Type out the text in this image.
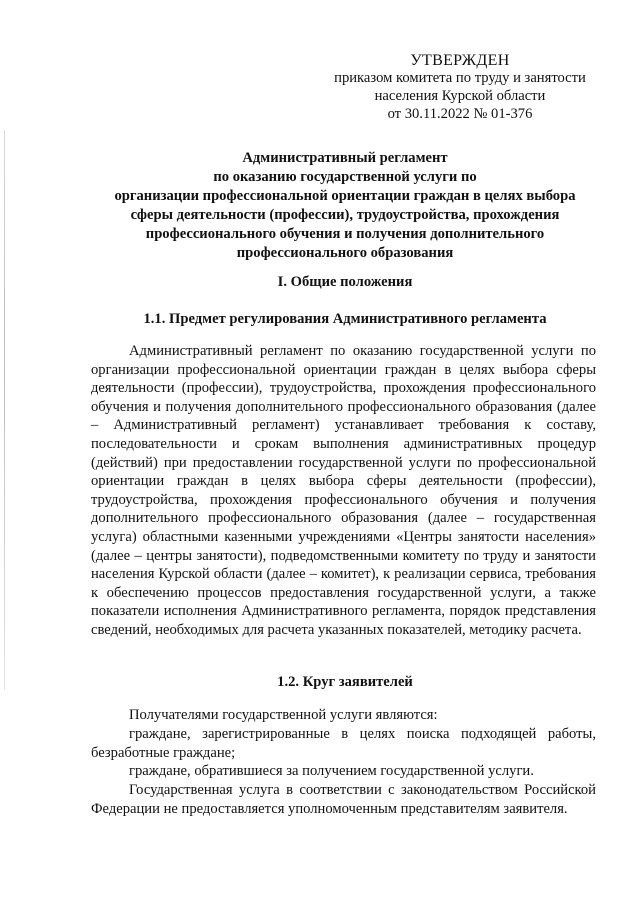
УТВЕРЖДЕН
приказом комитета по труду и занятости
населения Курской области
от 30.11.2022 № 01-376
Административный регламент
по оказанию государственной услуги по
организации профессиональной ориентации граждан в целях выбора
сферы деятельности (профессии), трудоустройства, прохождения
профессионального обучения и получения дополнительного
профессионального образования
I. Общие положения
1.1. Предмет регулирования Административного регламента

Административный регламент по оказанию государственной услуги по организации профессиональной ориентации граждан в целях выбора сферы деятельности (профессии), трудоустройства, прохождения профессионального обучения и получения дополнительного профессионального образования (далее – Административный регламент) устанавливает требования к составу, последовательности и срокам выполнения административных процедур (действий) при предоставлении государственной услуги по профессиональной ориентации граждан в целях выбора сферы деятельности (профессии), трудоустройства, прохождения профессионального обучения и получения дополнительного профессионального образования (далее – государственная услуга) областными казенными учреждениями «Центры занятости населения» (далее – центры занятости), подведомственными комитету по труду и занятости населения Курской области (далее – комитет), к реализации сервиса, требования к обеспечению процессов предоставления государственной услуги, а также показатели исполнения Административного регламента, порядок представления сведений, необходимых для расчета указанных показателей, методику расчета.

1.2. Круг заявителей

Получателями государственной услуги являются:

граждане, зарегистрированные в целях поиска подходящей работы, безработные граждане;

граждане, обратившиеся за получением государственной услуги.

Государственная услуга в соответствии с законодательством Российской Федерации не предоставляется уполномоченным представителям заявителя.
